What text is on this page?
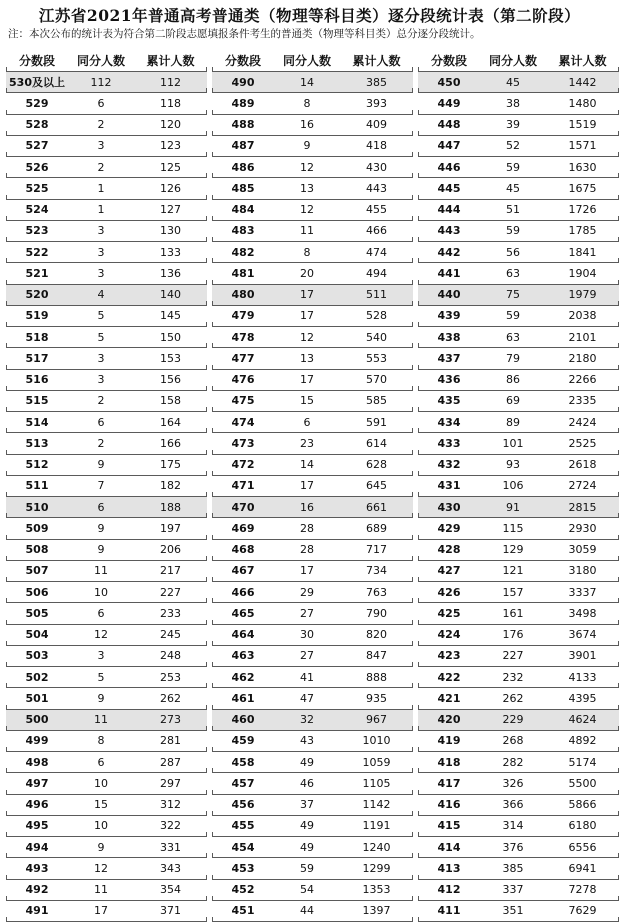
江苏省2021年普通高考普通类（物理等科目类）逐分段统计表（第二阶段）
注：本次公布的统计表为符合第二阶段志愿填报条件考生的普通类（物理等科目类）总分逐分段统计。
分数段	同分人数	累计人数
530及以上	112	112
529	6	118
528	2	120
527	3	123
526	2	125
525	1	126
524	1	127
523	3	130
522	3	133
521	3	136
520	4	140
519	5	145
518	5	150
517	3	153
516	3	156
515	2	158
514	6	164
513	2	166
512	9	175
511	7	182
510	6	188
509	9	197
508	9	206
507	11	217
506	10	227
505	6	233
504	12	245
503	3	248
502	5	253
501	9	262
500	11	273
499	8	281
498	6	287
497	10	297
496	15	312
495	10	322
494	9	331
493	12	343
492	11	354
491	17	371
分数段	同分人数	累计人数
490	14	385
489	8	393
488	16	409
487	9	418
486	12	430
485	13	443
484	12	455
483	11	466
482	8	474
481	20	494
480	17	511
479	17	528
478	12	540
477	13	553
476	17	570
475	15	585
474	6	591
473	23	614
472	14	628
471	17	645
470	16	661
469	28	689
468	28	717
467	17	734
466	29	763
465	27	790
464	30	820
463	27	847
462	41	888
461	47	935
460	32	967
459	43	1010
458	49	1059
457	46	1105
456	37	1142
455	49	1191
454	49	1240
453	59	1299
452	54	1353
451	44	1397
分数段	同分人数	累计人数
450	45	1442
449	38	1480
448	39	1519
447	52	1571
446	59	1630
445	45	1675
444	51	1726
443	59	1785
442	56	1841
441	63	1904
440	75	1979
439	59	2038
438	63	2101
437	79	2180
436	86	2266
435	69	2335
434	89	2424
433	101	2525
432	93	2618
431	106	2724
430	91	2815
429	115	2930
428	129	3059
427	121	3180
426	157	3337
425	161	3498
424	176	3674
423	227	3901
422	232	4133
421	262	4395
420	229	4624
419	268	4892
418	282	5174
417	326	5500
416	366	5866
415	314	6180
414	376	6556
413	385	6941
412	337	7278
411	351	7629
